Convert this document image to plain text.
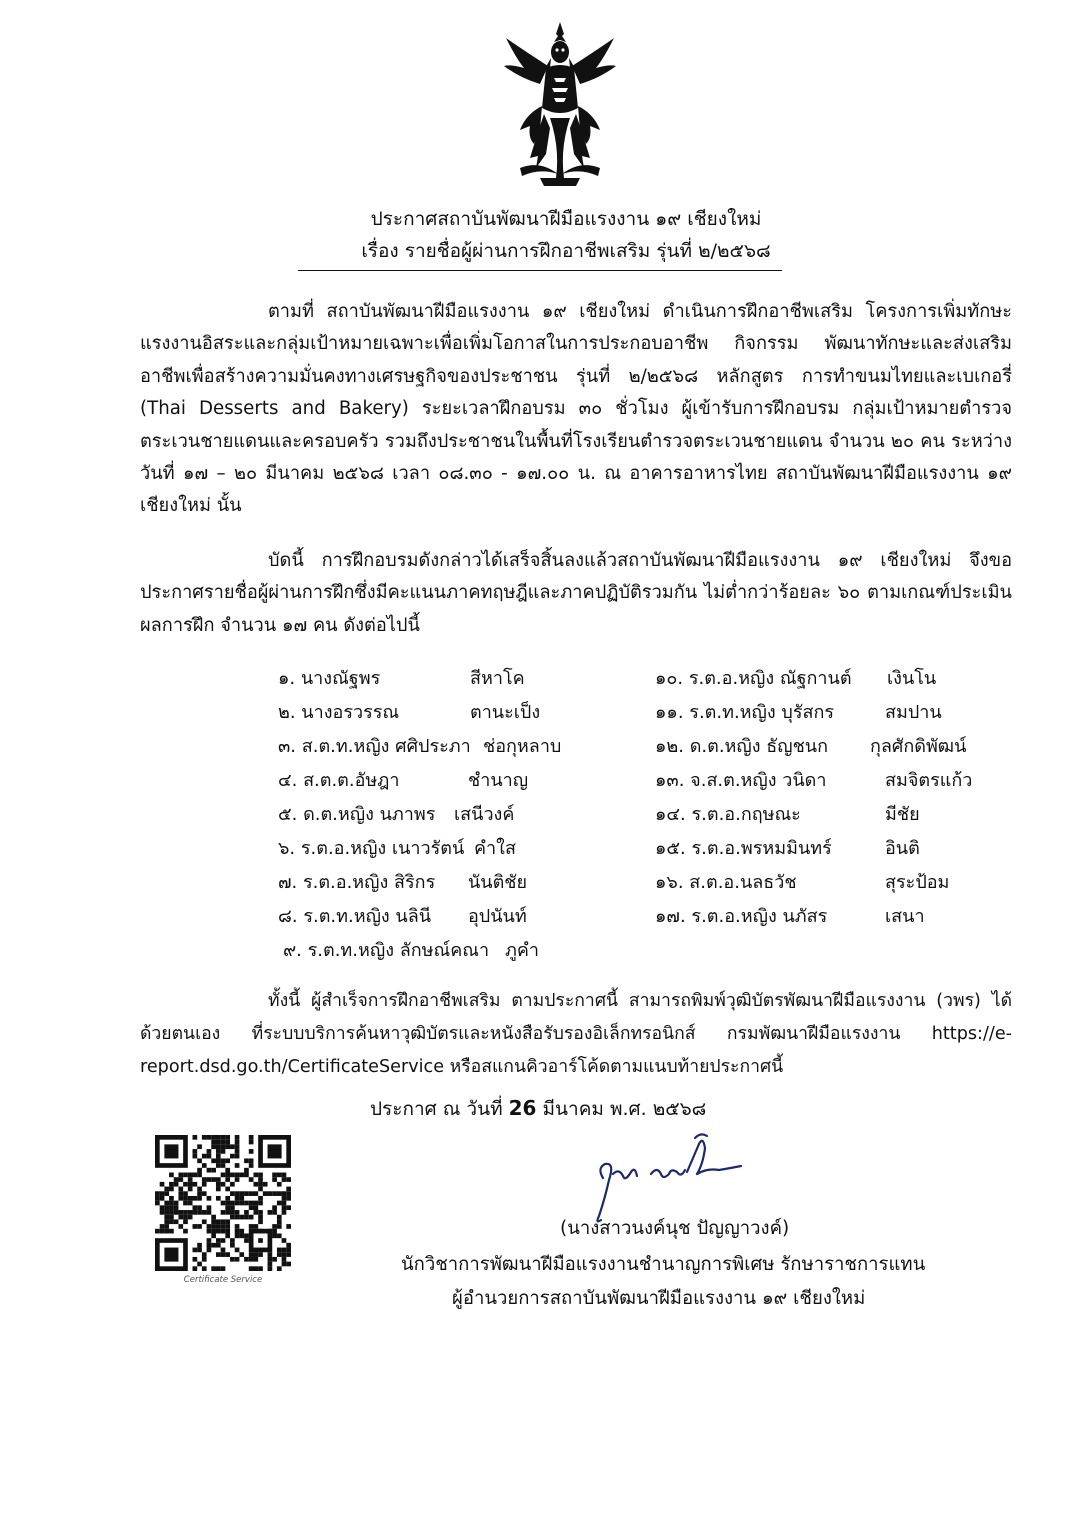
ประกาศสถาบันพัฒนาฝีมือแรงงาน ๑๙ เชียงใหม่
เรื่อง รายชื่อผู้ผ่านการฝึกอาชีพเสริม รุ่นที่ ๒/๒๕๖๘

ตามที่ สถาบันพัฒนาฝีมือแรงงาน ๑๙ เชียงใหม่ ดำเนินการฝึกอาชีพเสริม โครงการเพิ่มทักษะแรงงานอิสระและกลุ่มเป้าหมายเฉพาะเพื่อเพิ่มโอกาสในการประกอบอาชีพ กิจกรรม พัฒนาทักษะและส่งเสริมอาชีพเพื่อสร้างความมั่นคงทางเศรษฐกิจของประชาชน รุ่นที่ ๒/๒๕๖๘ หลักสูตร การทำขนมไทยและเบเกอรี่ (Thai Desserts and Bakery) ระยะเวลาฝึกอบรม ๓๐ ชั่วโมง ผู้เข้ารับการฝึกอบรม กลุ่มเป้าหมายตำรวจตระเวนชายแดนและครอบครัว รวมถึงประชาชนในพื้นที่โรงเรียนตำรวจตระเวนชายแดน จำนวน ๒๐ คน ระหว่างวันที่ ๑๗ – ๒๐ มีนาคม ๒๕๖๘ เวลา ๐๘.๓๐ - ๑๗.๐๐ น. ณ อาคารอาหารไทย สถาบันพัฒนาฝีมือแรงงาน ๑๙ เชียงใหม่ นั้น

บัดนี้ การฝึกอบรมดังกล่าวได้เสร็จสิ้นลงแล้วสถาบันพัฒนาฝีมือแรงงาน ๑๙ เชียงใหม่ จึงขอประกาศรายชื่อผู้ผ่านการฝึกซึ่งมีคะแนนภาคทฤษฎีและภาคปฏิบัติรวมกัน ไม่ต่ำกว่าร้อยละ ๖๐ ตามเกณฑ์ประเมินผลการฝึก จำนวน ๑๗ คน ดังต่อไปนี้

๑. นางณัฐพร	สีหาโค
๒. นางอรวรรณ	ตานะเป็ง
๓. ส.ต.ท.หญิง ศศิประภา ช่อกุหลาบ
๔. ส.ต.ต.อัษฎา	ชำนาญ
๕. ด.ต.หญิง นภาพร เสนีวงค์
๖. ร.ต.อ.หญิง เนาวรัตน์ คำใส
๗. ร.ต.อ.หญิง สิริกร นันติชัย
๘. ร.ต.ท.หญิง นลินี อุปนันท์
๙. ร.ต.ท.หญิง ลักษณ์คณา ภูคำ
๑๐. ร.ต.อ.หญิง ณัฐกานต์ เงินโน
๑๑. ร.ต.ท.หญิง บุรัสกร	สมปาน
๑๒. ด.ต.หญิง ธัญชนก กุลศักดิพัฒน์
๑๓. จ.ส.ต.หญิง วนิดา	สมจิตรแก้ว
๑๔. ร.ต.อ.กฤษณะ	มีชัย
๑๕. ร.ต.อ.พรหมมินทร์	อินติ
๑๖. ส.ต.อ.นลธวัช	สุระป้อม
๑๗. ร.ต.อ.หญิง นภัสร	เสนา

ทั้งนี้ ผู้สำเร็จการฝึกอาชีพเสริม ตามประกาศนี้ สามารถพิมพ์วุฒิบัตรพัฒนาฝีมือแรงงาน (วพร) ได้ด้วยตนเอง ที่ระบบบริการค้นหาวุฒิบัตรและหนังสือรับรองอิเล็กทรอนิกส์ กรมพัฒนาฝีมือแรงงาน https://e-report.dsd.go.th/CertificateService หรือสแกนคิวอาร์โค้ดตามแนบท้ายประกาศนี้

ประกาศ ณ วันที่ 26 มีนาคม พ.ศ. ๒๕๖๘
Certificate Service
(นางสาวนงค์นุช ปัญญาวงค์)
นักวิชาการพัฒนาฝีมือแรงงานชำนาญการพิเศษ รักษาราชการแทน
ผู้อำนวยการสถาบันพัฒนาฝีมือแรงงาน ๑๙ เชียงใหม่
